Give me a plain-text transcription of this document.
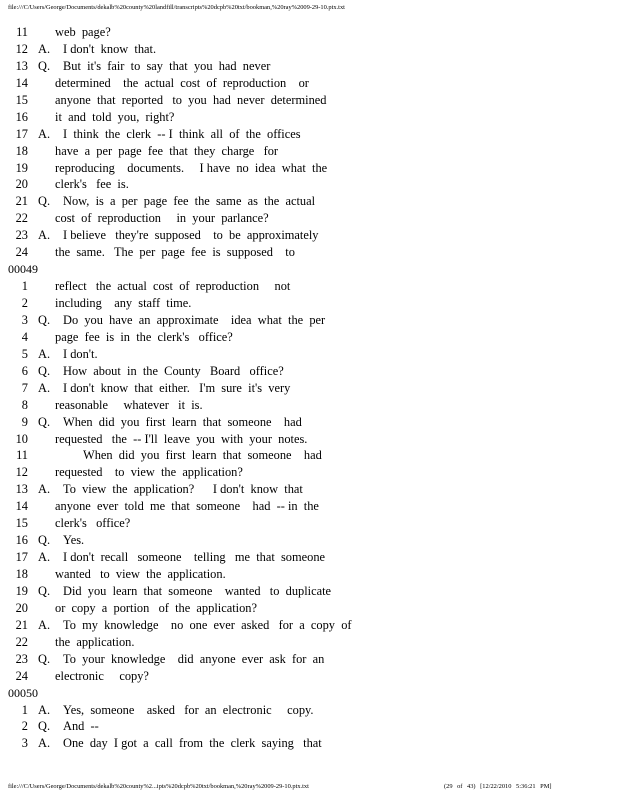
file:///C/Users/George/Documents/dekalb%20county%20landfill/transcripts%20dcpb%20txt/bookman,%20ray%2009-29-10.ptx.txt
11 web  page?
12 A. I don't  know  that.
13 Q. But  it's  fair  to  say  that  you  had  never
14 determined    the  actual  cost  of  reproduction    or
15 anyone  that  reported   to  you  had  never  determined
16 it  and  told  you,  right?
17 A. I  think  the  clerk  -- I  think  all  of  the  offices
18 have  a  per  page  fee  that  they  charge   for
19 reproducing    documents.     I have  no  idea  what  the
20 clerk's   fee  is.
21 Q. Now,  is  a  per  page  fee  the  same  as  the  actual
22 cost  of  reproduction     in  your  parlance?
23 A. I believe   they're  supposed    to  be  approximately
24 the  same.   The  per  page  fee  is  supposed    to
00049
1 reflect   the  actual  cost  of  reproduction     not
2 including    any  staff  time.
3 Q. Do  you  have  an  approximate    idea  what  the  per
4 page  fee  is  in  the  clerk's   office?
5 A. I don't.
6 Q. How  about  in  the  County   Board   office?
7 A. I don't  know  that  either.   I'm  sure  it's  very
8 reasonable     whatever   it  is.
9 Q. When  did  you  first  learn  that  someone    had
10 requested   the  -- I'll  leave  you  with  your  notes.
11	When  did  you  first  learn  that  someone    had
12 requested    to  view  the  application?
13 A. To  view  the  application?      I don't  know  that
14 anyone  ever  told  me  that  someone    had  -- in  the
15 clerk's   office?
16 Q. Yes.
17 A. I don't  recall   someone    telling   me  that  someone
18 wanted   to  view  the  application.
19 Q. Did  you  learn  that  someone    wanted   to  duplicate
20 or  copy  a  portion   of  the  application?
21 A. To  my  knowledge    no  one  ever  asked   for  a  copy  of
22 the  application.
23 Q. To  your  knowledge    did  anyone  ever  ask  for  an
24 electronic     copy?
00050
1 A. Yes,  someone    asked   for  an  electronic     copy.
2 Q. And  --
3 A. One  day  I got  a  call  from  the  clerk  saying   that
file:///C/Users/George/Documents/dekalb%20county%2...ipts%20dcpb%20txt/bookman,%20ray%2009-29-10.ptx.txt	(29 of 43) [12/22/2010 5:36:21 PM]
